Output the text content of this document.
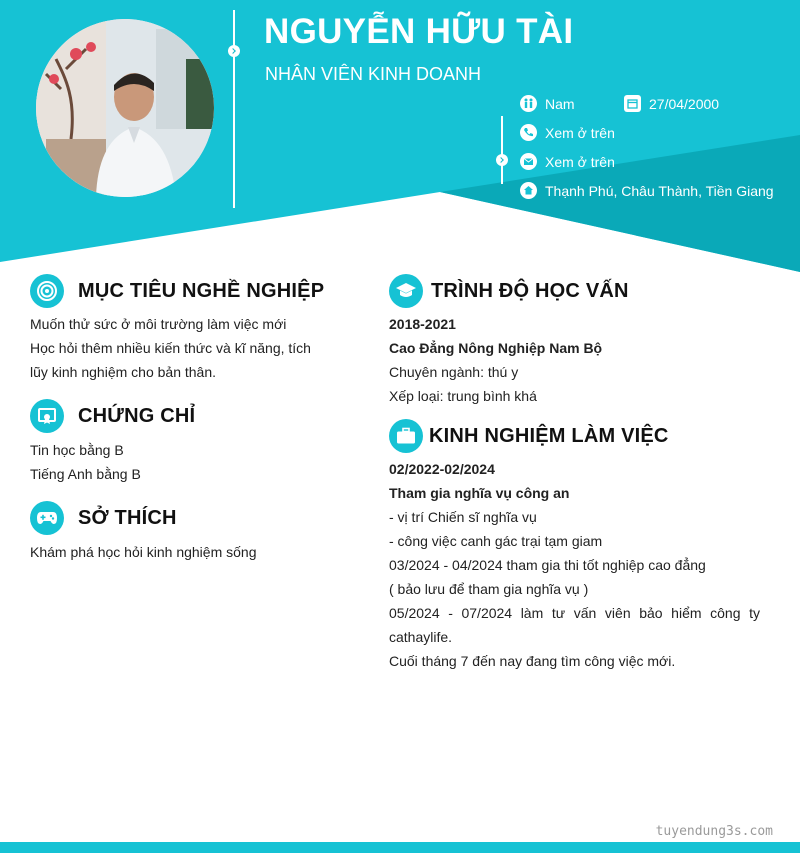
NGUYỄN HỮU TÀI
NHÂN VIÊN KINH DOANH
Nam	27/04/2000
Xem ở trên
Xem ở trên
Thạnh Phú, Châu Thành, Tiền Giang
MỤC TIÊU NGHỀ NGHIỆP
Muốn thử sức ở môi trường làm việc mới
Học hỏi thêm nhiều kiến thức và kĩ năng, tích
lũy kinh nghiệm cho bản thân.
CHỨNG CHỈ
Tin học bằng B
Tiếng Anh bằng B
SỞ THÍCH
Khám phá học hỏi kinh nghiệm sống
TRÌNH ĐỘ HỌC VẤN
2018-2021
Cao Đẳng Nông Nghiệp Nam Bộ
Chuyên ngành: thú y
Xếp loại: trung bình khá
KINH NGHIỆM LÀM VIỆC
02/2022-02/2024
Tham gia nghĩa vụ công an
- vị trí Chiến sĩ nghĩa vụ
- công việc canh gác trại tạm giam
03/2024 - 04/2024 tham gia thi tốt nghiệp cao đẳng
( bảo lưu để tham gia nghĩa vụ )
05/2024 - 07/2024 làm tư vấn viên bảo hiểm công ty
cathaylife.
Cuối tháng 7 đến nay đang tìm công việc mới.
tuyendung3s.com
